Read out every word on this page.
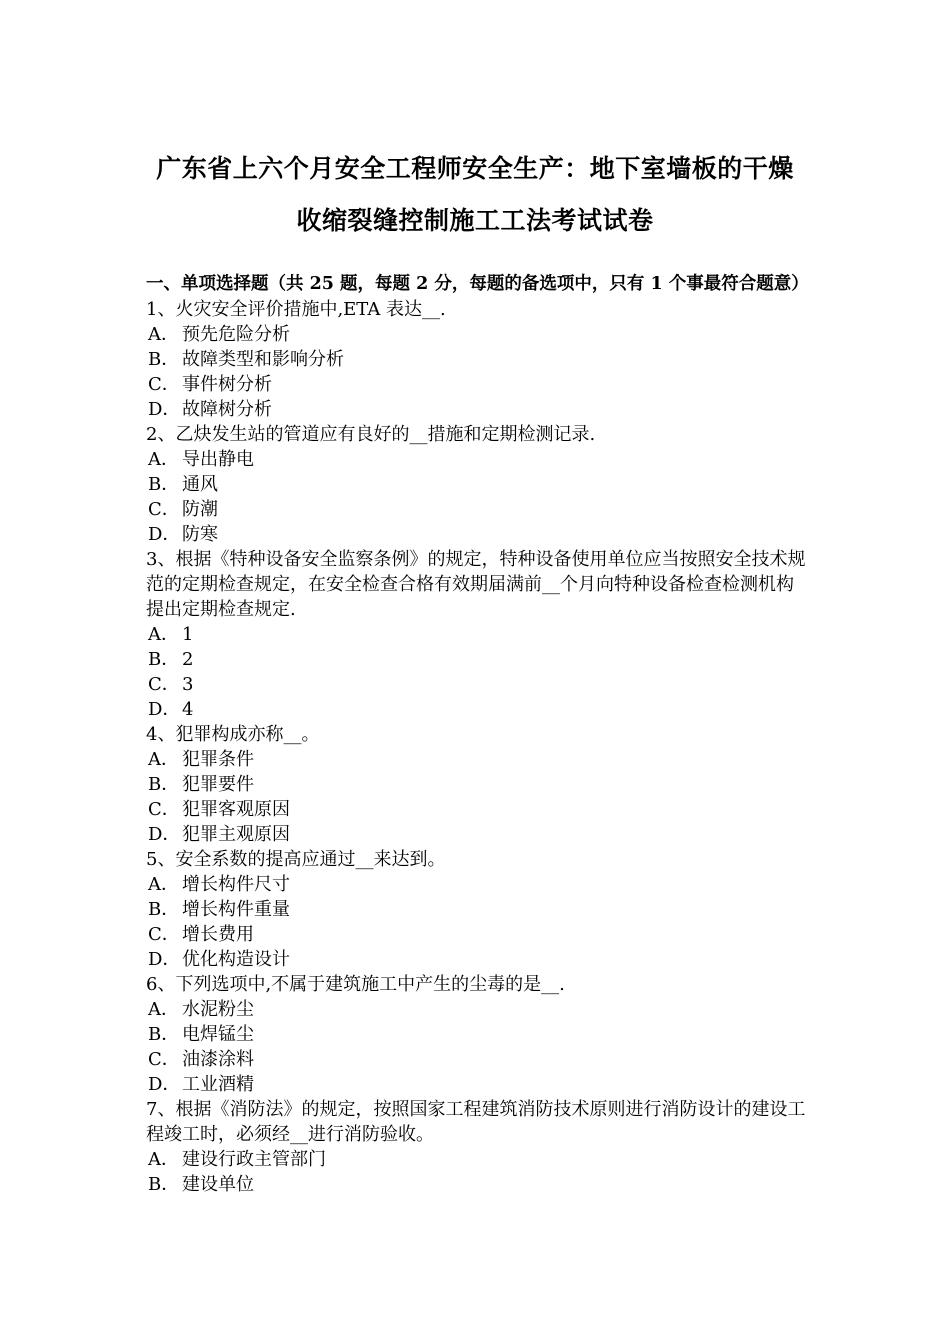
广东省上六个月安全工程师安全生产：地下室墙板的干燥
收缩裂缝控制施工工法考试试卷
一、单项选择题（共 25 题，每题 2 分，每题的备选项中，只有 1 个事最符合题意）
1、火灾安全评价措施中,ETA 表达__.
A． 预先危险分析
B． 故障类型和影响分析
C． 事件树分析
D．故障树分析
2、乙炔发生站的管道应有良好的__措施和定期检测记录.
A． 导出静电
B． 通风
C． 防潮
D．防寒
3、根据《特种设备安全监察条例》的规定，特种设备使用单位应当按照安全技术规范的定期检查规定，在安全检查合格有效期届满前__个月向特种设备检查检测机构提出定期检查规定.
A． 1
B． 2
C． 3
D．4
4、犯罪构成亦称__。
A． 犯罪条件
B． 犯罪要件
C． 犯罪客观原因
D．犯罪主观原因
5、安全系数的提高应通过__来达到。
A． 增长构件尺寸
B． 增长构件重量
C． 增长费用
D．优化构造设计
6、下列选项中,不属于建筑施工中产生的尘毒的是__.
A． 水泥粉尘
B． 电焊锰尘
C． 油漆涂料
D．工业酒精
7、根据《消防法》的规定，按照国家工程建筑消防技术原则进行消防设计的建设工程竣工时，必须经__进行消防验收。
A． 建设行政主管部门
B． 建设单位
